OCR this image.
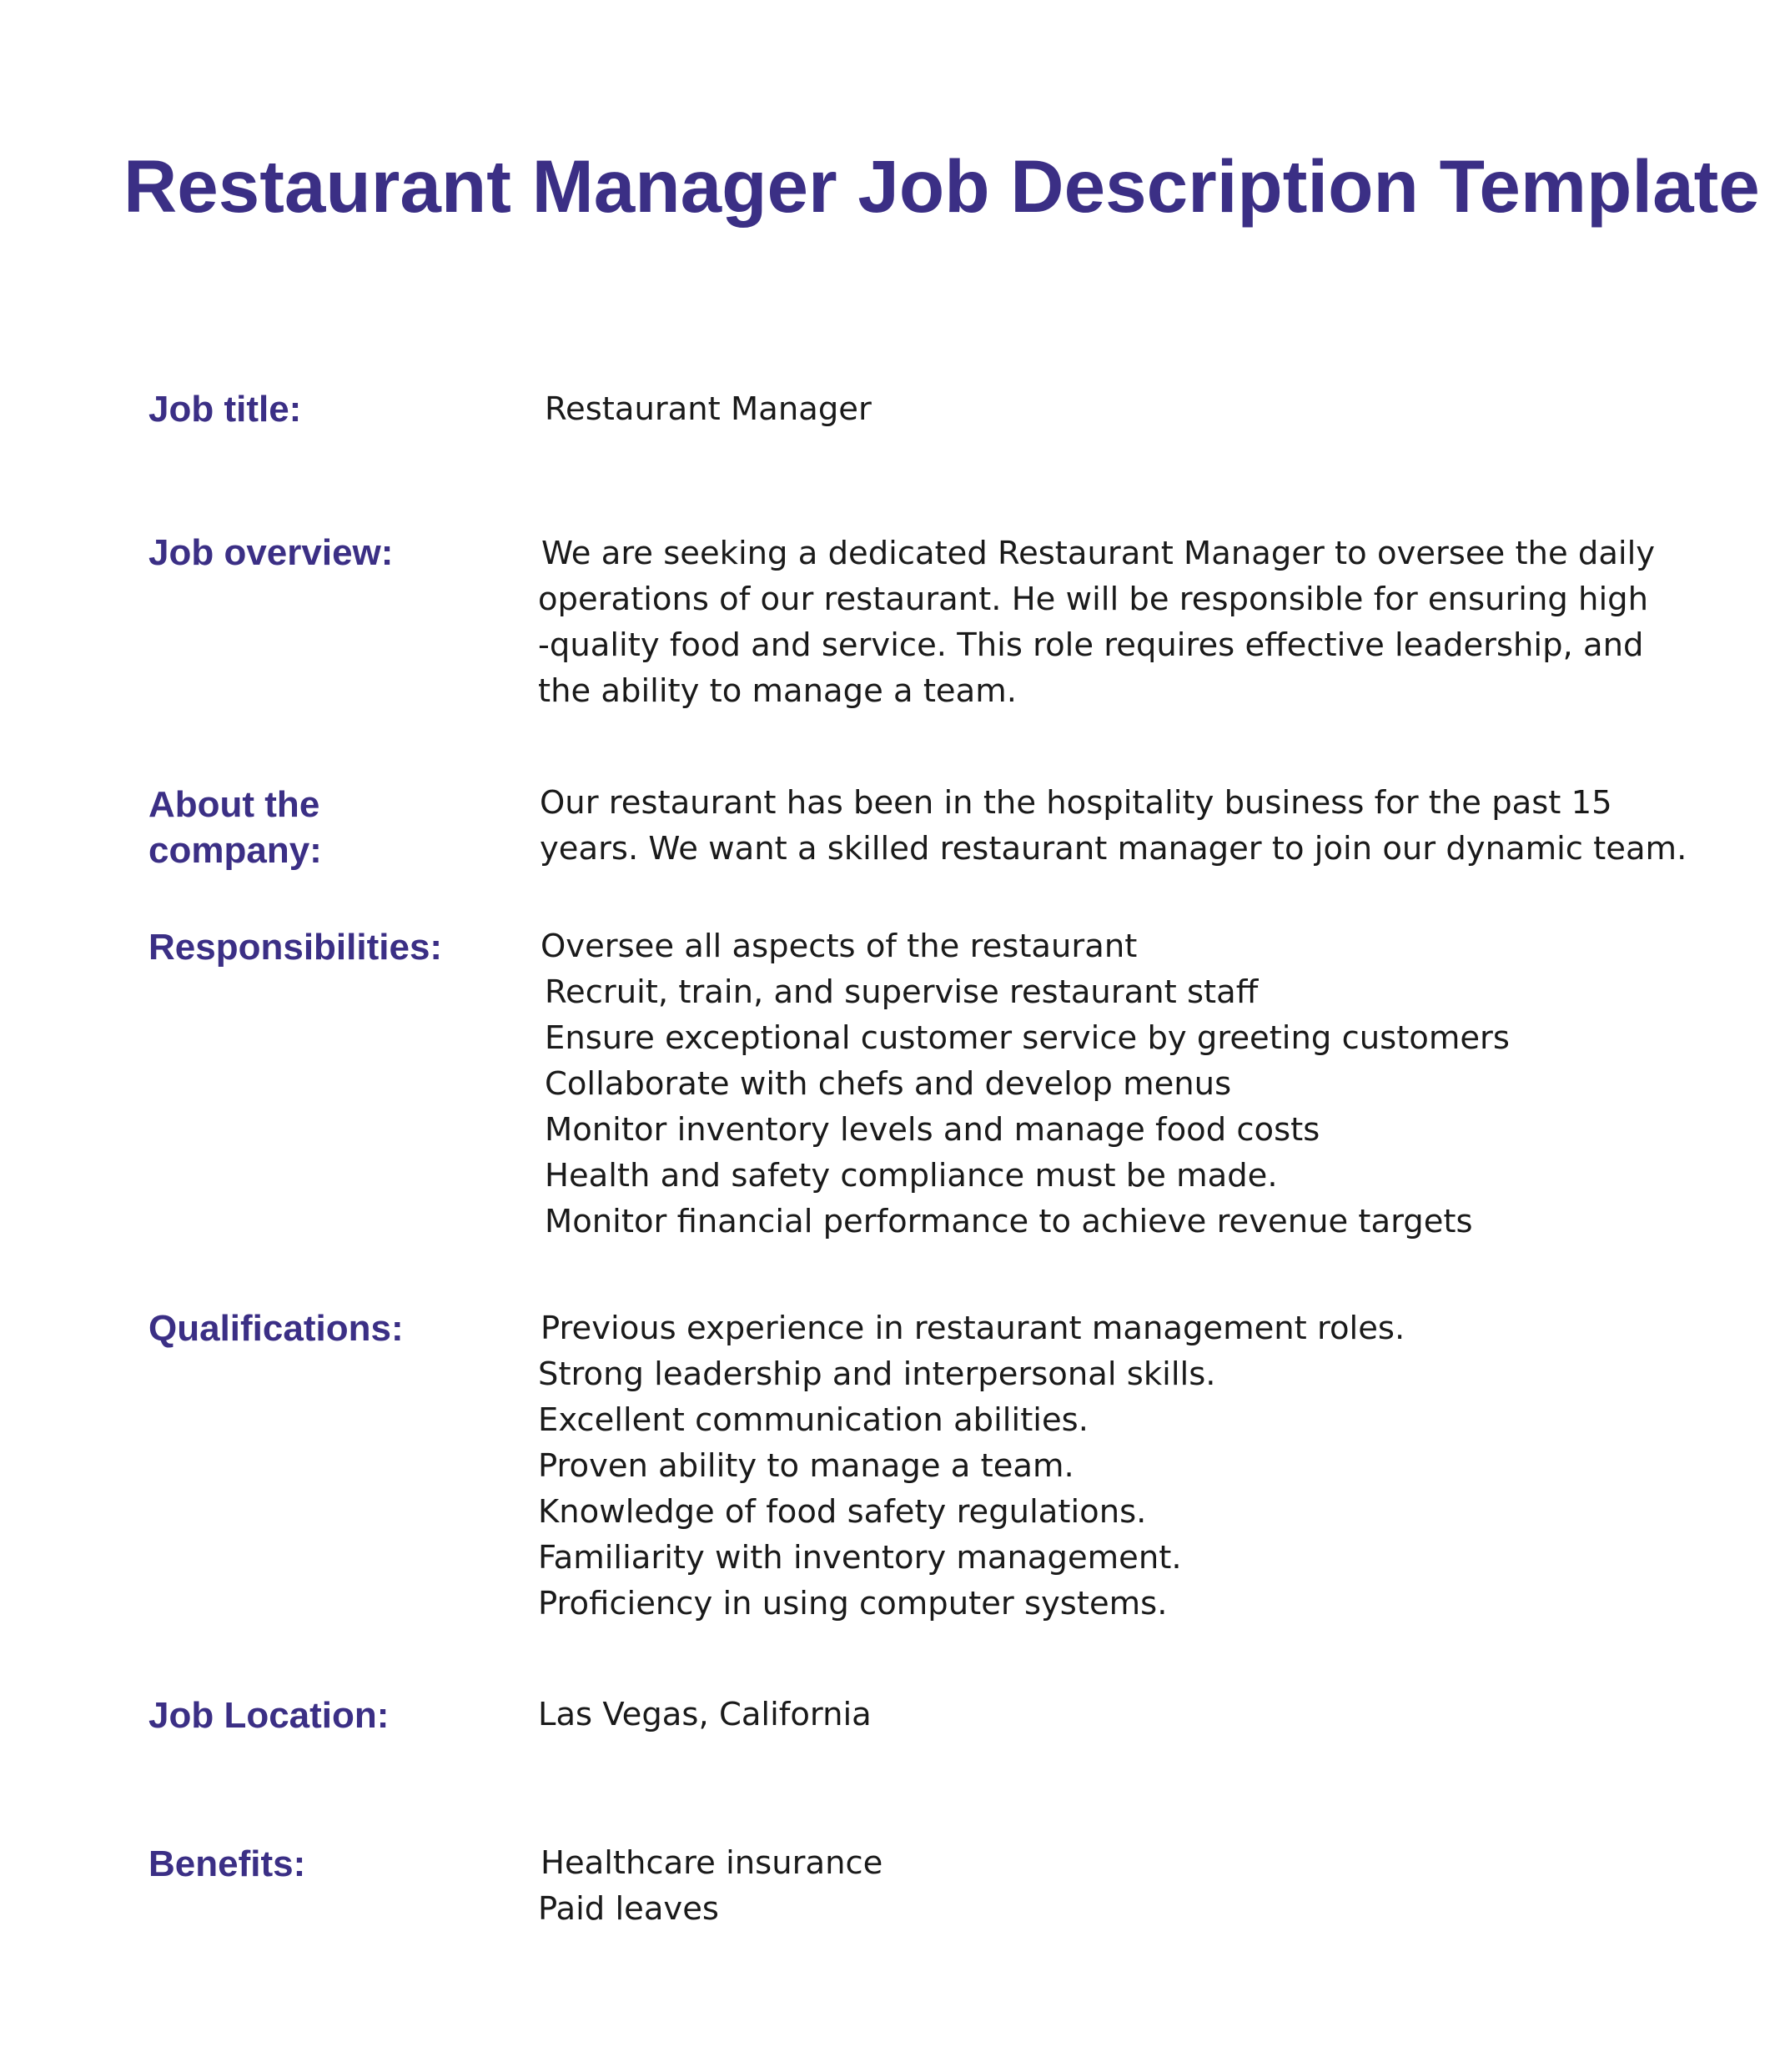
Restaurant Manager Job Description Template
Job title:	Restaurant Manager
Job overview:	We are seeking a dedicated Restaurant Manager to oversee the daily
operations of our restaurant. He will be responsible for ensuring high
-quality food and service. This role requires effective leadership, and
the ability to manage a team.
About the
company:
Our restaurant has been in the hospitality business for the past 15
years. We want a skilled restaurant manager to join our dynamic team.
Responsibilities:	Oversee all aspects of the restaurant
Recruit, train, and supervise restaurant staff
Ensure exceptional customer service by greeting customers
Collaborate with chefs and develop menus
Monitor inventory levels and manage food costs
Health and safety compliance must be made.
Monitor financial performance to achieve revenue targets
Qualifications:	Previous experience in restaurant management roles.
Strong leadership and interpersonal skills.
Excellent communication abilities.
Proven ability to manage a team.
Knowledge of food safety regulations.
Familiarity with inventory management.
Proficiency in using computer systems.
Job Location:	Las Vegas, California
Benefits:	Healthcare insurance
Paid leaves
